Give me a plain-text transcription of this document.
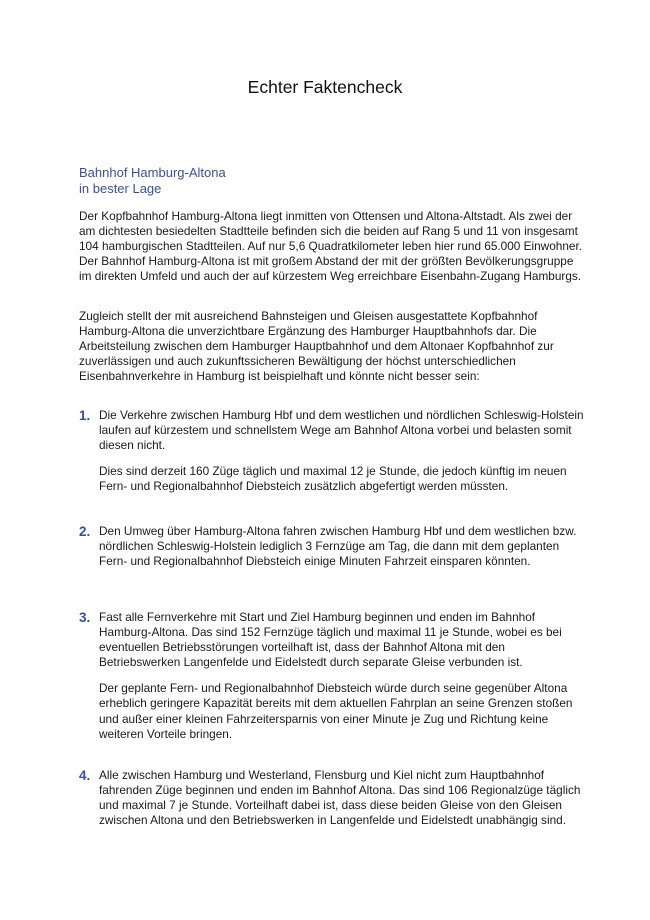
Echter Faktencheck
Bahnhof Hamburg-Altona
in bester Lage

Der Kopfbahnhof Hamburg-Altona liegt inmitten von Ottensen und Altona-Altstadt. Als zwei der am dichtesten besiedelten Stadtteile befinden sich die beiden auf Rang 5 und 11 von insgesamt 104 hamburgischen Stadtteilen. Auf nur 5,6 Quadratkilometer leben hier rund 65.000 Einwohner. Der Bahnhof Hamburg-Altona ist mit großem Abstand der mit der größten Bevölkerungsgruppe im direkten Umfeld und auch der auf kürzestem Weg erreichbare Eisenbahn-Zugang Hamburgs.

Zugleich stellt der mit ausreichend Bahnsteigen und Gleisen ausgestattete Kopfbahnhof Hamburg-Altona die unverzichtbare Ergänzung des Hamburger Hauptbahnhofs dar. Die Arbeitsteilung zwischen dem Hamburger Hauptbahnhof und dem Altonaer Kopfbahnhof zur zuverlässigen und auch zukunftssicheren Bewältigung der höchst unterschiedlichen Eisenbahnverkehre in Hamburg ist beispielhaft und könnte nicht besser sein:

1. Die Verkehre zwischen Hamburg Hbf und dem westlichen und nördlichen Schleswig-Holstein laufen auf kürzestem und schnellstem Wege am Bahnhof Altona vorbei und belasten somit diesen nicht.

Dies sind derzeit 160 Züge täglich und maximal 12 je Stunde, die jedoch künftig im neuen Fern- und Regionalbahnhof Diebsteich zusätzlich abgefertigt werden müssten.

2. Den Umweg über Hamburg-Altona fahren zwischen Hamburg Hbf und dem westlichen bzw. nördlichen Schleswig-Holstein lediglich 3 Fernzüge am Tag, die dann mit dem geplanten Fern- und Regionalbahnhof Diebsteich einige Minuten Fahrzeit einsparen könnten.

3. Fast alle Fernverkehre mit Start und Ziel Hamburg beginnen und enden im Bahnhof Hamburg-Altona. Das sind 152 Fernzüge täglich und maximal 11 je Stunde, wobei es bei eventuellen Betriebsstörungen vorteilhaft ist, dass der Bahnhof Altona mit den Betriebswerken Langenfelde und Eidelstedt durch separate Gleise verbunden ist.

Der geplante Fern- und Regionalbahnhof Diebsteich würde durch seine gegenüber Altona erheblich geringere Kapazität bereits mit dem aktuellen Fahrplan an seine Grenzen stoßen und außer einer kleinen Fahrzeitersparnis von einer Minute je Zug und Richtung keine weiteren Vorteile bringen.

4. Alle zwischen Hamburg und Westerland, Flensburg und Kiel nicht zum Hauptbahnhof fahrenden Züge beginnen und enden im Bahnhof Altona. Das sind 106 Regionalzüge täglich und maximal 7 je Stunde. Vorteilhaft dabei ist, dass diese beiden Gleise von den Gleisen zwischen Altona und den Betriebswerken in Langenfelde und Eidelstedt unabhängig sind.
